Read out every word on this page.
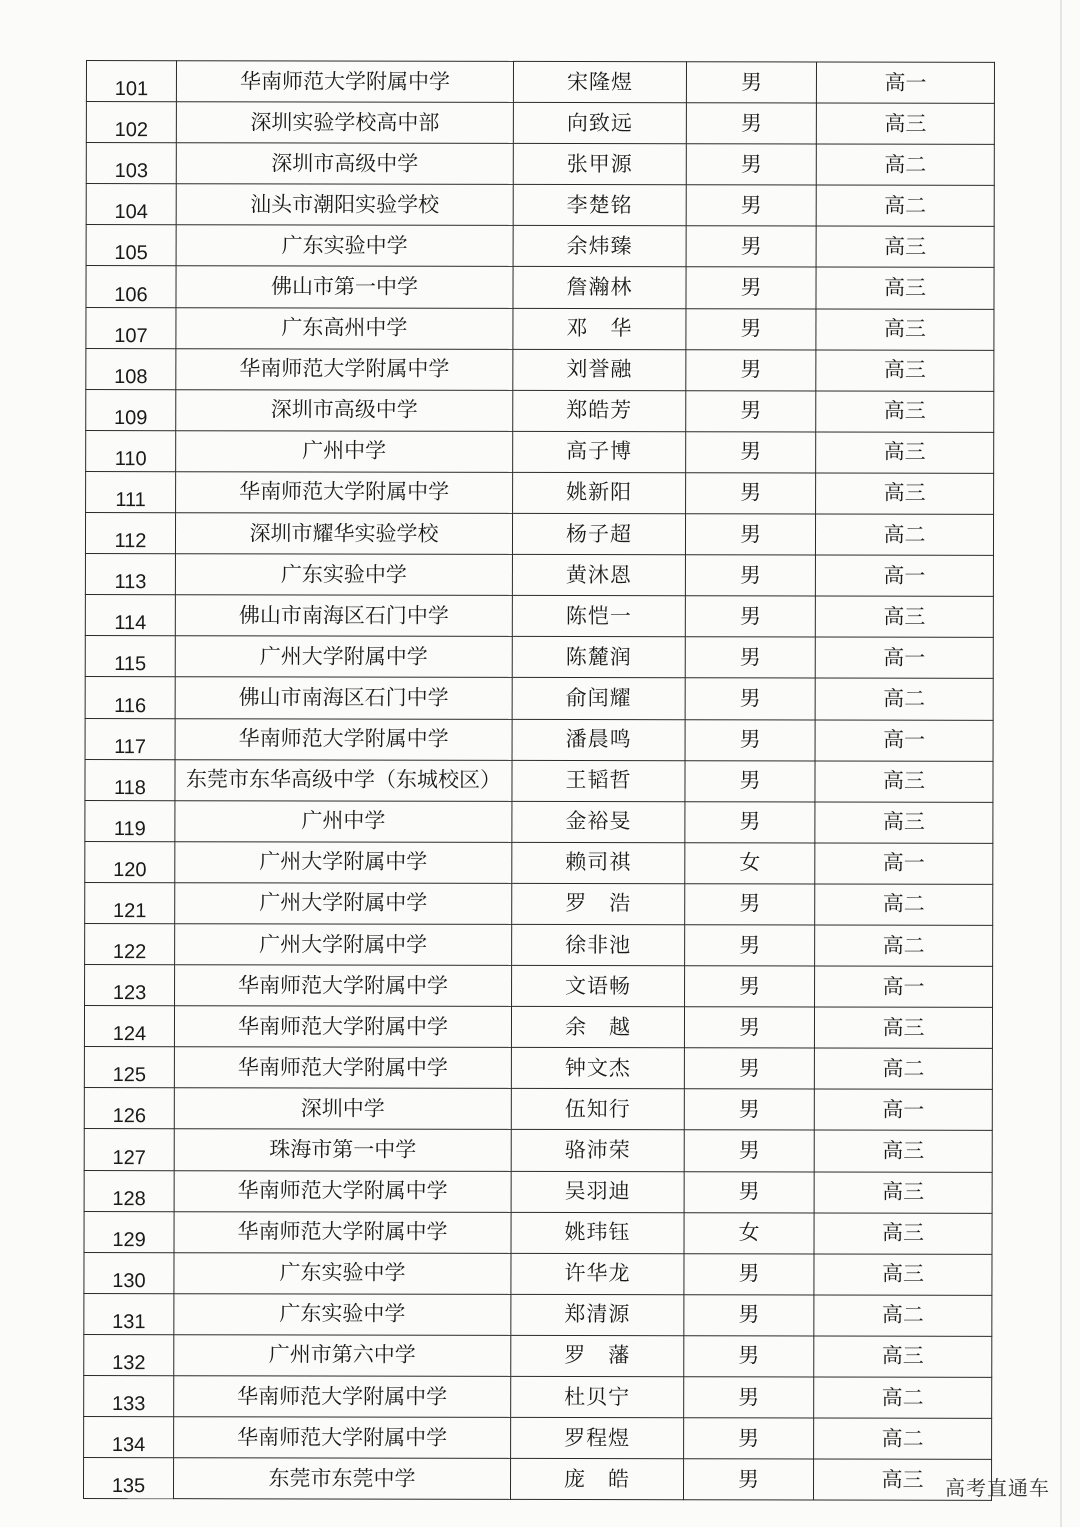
101	华南师范大学附属中学	宋隆煜	男	高一
102	深圳实验学校高中部	向致远	男	高三
103	深圳市高级中学	张甲源	男	高二
104	汕头市潮阳实验学校	李楚铭	男	高二
105	广东实验中学	余炜臻	男	高三
106	佛山市第一中学	詹瀚林	男	高三
107	广东高州中学	邓　华	男	高三
108	华南师范大学附属中学	刘誉融	男	高三
109	深圳市高级中学	郑皓芳	男	高三
110	广州中学	高子博	男	高三
111	华南师范大学附属中学	姚新阳	男	高三
112	深圳市耀华实验学校	杨子超	男	高二
113	广东实验中学	黄沐恩	男	高一
114	佛山市南海区石门中学	陈恺一	男	高三
115	广州大学附属中学	陈麓润	男	高一
116	佛山市南海区石门中学	俞闰耀	男	高二
117	华南师范大学附属中学	潘晨鸣	男	高一
118	东莞市东华高级中学（东城校区）	王韬哲	男	高三
119	广州中学	金裕旻	男	高三
120	广州大学附属中学	赖司祺	女	高一
121	广州大学附属中学	罗　浩	男	高二
122	广州大学附属中学	徐非池	男	高二
123	华南师范大学附属中学	文语畅	男	高一
124	华南师范大学附属中学	余　越	男	高三
125	华南师范大学附属中学	钟文杰	男	高二
126	深圳中学	伍知行	男	高一
127	珠海市第一中学	骆沛荣	男	高三
128	华南师范大学附属中学	吴羽迪	男	高三
129	华南师范大学附属中学	姚玮钰	女	高三
130	广东实验中学	许华龙	男	高三
131	广东实验中学	郑清源	男	高二
132	广州市第六中学	罗　藩	男	高三
133	华南师范大学附属中学	杜贝宁	男	高二
134	华南师范大学附属中学	罗程煜	男	高二
135	东莞市东莞中学	庞　皓	男	高三 高考直通车
